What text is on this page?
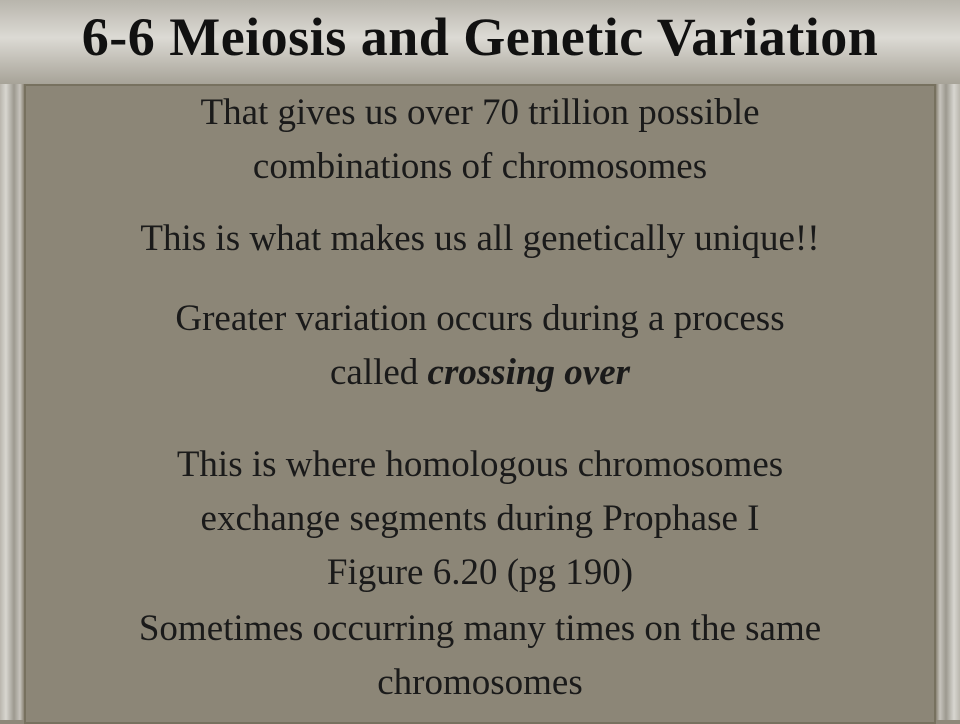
6-6 Meiosis and Genetic Variation
That gives us over 70 trillion possible
combinations of chromosomes
This is what makes us all genetically unique!!
Greater variation occurs during a process
called crossing over
This is where homologous chromosomes
exchange segments during Prophase I
Figure 6.20 (pg 190)
Sometimes occurring many times on the same
chromosomes
